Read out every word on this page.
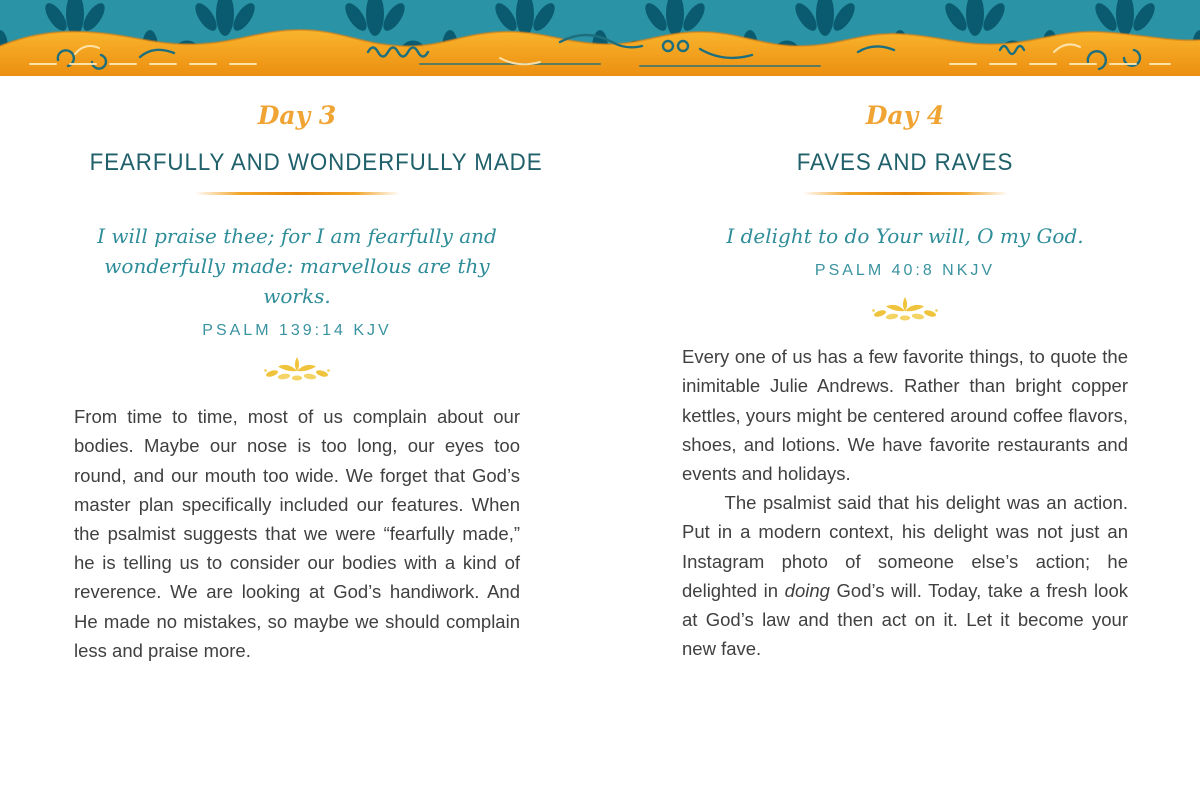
Day 3
FEARFULLY AND WONDERFULLY MADE
I will praise thee; for I am fearfully and wonderfully made: marvellous are thy works.
PSALM 139:14 KJV

From time to time, most of us complain about our bodies. Maybe our nose is too long, our eyes too round, and our mouth too wide. We forget that God’s master plan specifically included our features. When the psalmist suggests that we were “fearfully made,” he is telling us to consider our bodies with a kind of reverence. We are looking at God’s handiwork. And He made no mistakes, so maybe we should complain less and praise more.

Day 4
FAVES AND RAVES
I delight to do Your will, O my God.
PSALM 40:8 NKJV

Every one of us has a few favorite things, to quote the inimitable Julie Andrews. Rather than bright copper kettles, yours might be centered around coffee flavors, shoes, and lotions. We have favorite restaurants and events and holidays.

The psalmist said that his delight was an action. Put in a modern context, his delight was not just an Instagram photo of someone else’s action; he delighted in doing God’s will. Today, take a fresh look at God’s law and then act on it. Let it become your new fave.
